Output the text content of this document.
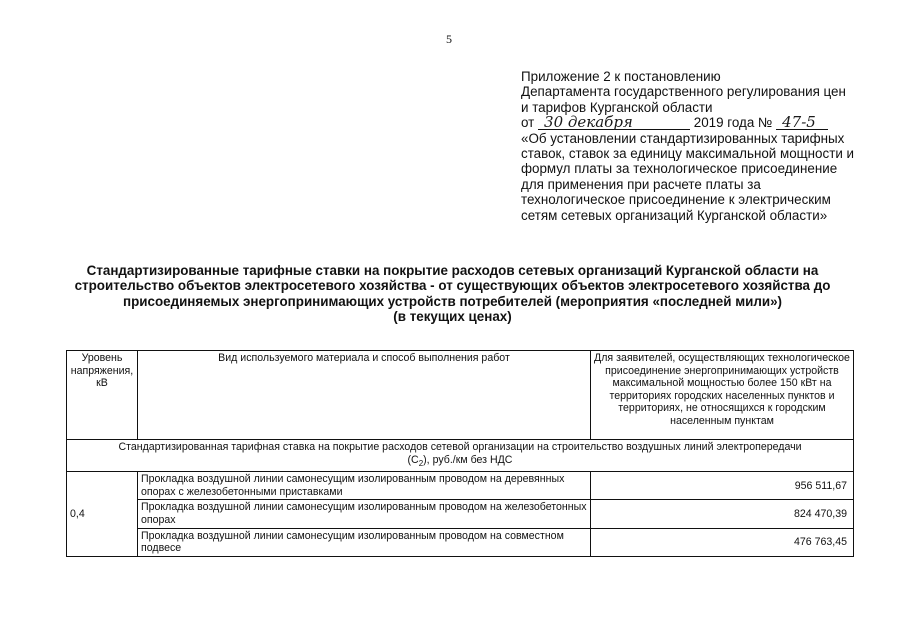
5
Приложение 2 к постановлению
Департамента государственного регулирования цен
и тарифов Курганской области
от 30 декабря	2019 года № 47-5
«Об установлении стандартизированных тарифных
ставок, ставок за единицу максимальной мощности и
формул платы за технологическое присоединение
для применения при расчете платы за
технологическое присоединение к электрическим
сетям сетевых организаций Курганской области»
Стандартизированные тарифные ставки на покрытие расходов сетевых организаций Курганской области на
строительство объектов электросетевого хозяйства - от существующих объектов электросетевого хозяйства до
присоединяемых энергопринимающих устройств потребителей (мероприятия «последней мили»)
(в текущих ценах)
Уровень напряжения, кВ	Вид используемого материала и способ выполнения работ	Для заявителей, осуществляющих технологическое присоединение энергопринимающих устройств максимальной мощностью более 150 кВт на территориях городских населенных пунктов и территориях, не относящихся к городским населенным пунктам
Стандартизированная тарифная ставка на покрытие расходов сетевой организации на строительство воздушных линий электропередачи
$(С_2)$, руб./км без НДС		
0,4	Прокладка воздушной линии самонесущим изолированным проводом на деревянных опорах с железобетонными приставками	956 511,67
	Прокладка воздушной линии самонесущим изолированным проводом на железобетонных опорах	824 470,39
	Прокладка воздушной линии самонесущим изолированным проводом на совместном подвесе	476 763,45
